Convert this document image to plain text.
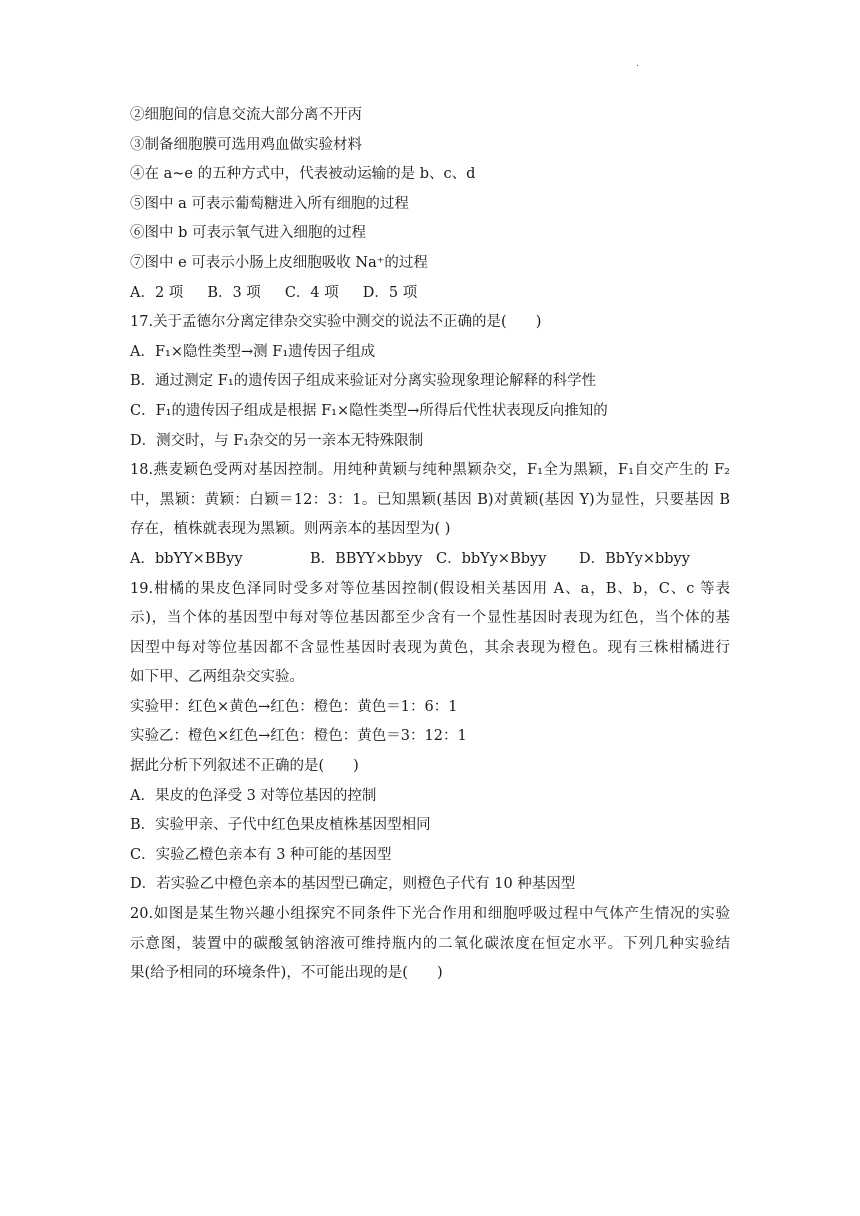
.
②细胞间的信息交流大部分离不开丙
③制备细胞膜可选用鸡血做实验材料
④在 a~e 的五种方式中，代表被动运输的是 b、c、d
⑤图中 a 可表示葡萄糖进入所有细胞的过程
⑥图中 b 可表示氧气进入细胞的过程
⑦图中 e 可表示小肠上皮细胞吸收 Na⁺的过程
A．2 项 B．3 项 C．4 项 D．5 项
17.关于孟德尔分离定律杂交实验中测交的说法不正确的是(　　)
A．F₁×隐性类型→测 F₁遗传因子组成
B．通过测定 F₁的遗传因子组成来验证对分离实验现象理论解释的科学性
C．F₁的遗传因子组成是根据 F₁×隐性类型→所得后代性状表现反向推知的
D．测交时，与 F₁杂交的另一亲本无特殊限制
18.燕麦颖色受两对基因控制。用纯种黄颖与纯种黑颖杂交，F₁全为黑颖，F₁自交产生的 F₂
中，黑颖：黄颖：白颖＝12：3：1。已知黑颖(基因 B)对黄颖(基因 Y)为显性，只要基因 B
存在，植株就表现为黑颖。则两亲本的基因型为( )
A．bbYY×BByy	B．BBYY×bbyy C．bbYy×Bbyy	D．BbYy×bbyy
19.柑橘的果皮色泽同时受多对等位基因控制(假设相关基因用 A、a，B、b，C、c 等表
示)，当个体的基因型中每对等位基因都至少含有一个显性基因时表现为红色，当个体的基
因型中每对等位基因都不含显性基因时表现为黄色，其余表现为橙色。现有三株柑橘进行
如下甲、乙两组杂交实验。
实验甲：红色×黄色→红色：橙色：黄色＝1：6：1
实验乙：橙色×红色→红色：橙色：黄色＝3：12：1
据此分析下列叙述不正确的是(　　)
A．果皮的色泽受 3 对等位基因的控制
B．实验甲亲、子代中红色果皮植株基因型相同
C．实验乙橙色亲本有 3 种可能的基因型
D．若实验乙中橙色亲本的基因型已确定，则橙色子代有 10 种基因型
20.如图是某生物兴趣小组探究不同条件下光合作用和细胞呼吸过程中气体产生情况的实验
示意图，装置中的碳酸氢钠溶液可维持瓶内的二氧化碳浓度在恒定水平。下列几种实验结
果(给予相同的环境条件)，不可能出现的是(　　)
